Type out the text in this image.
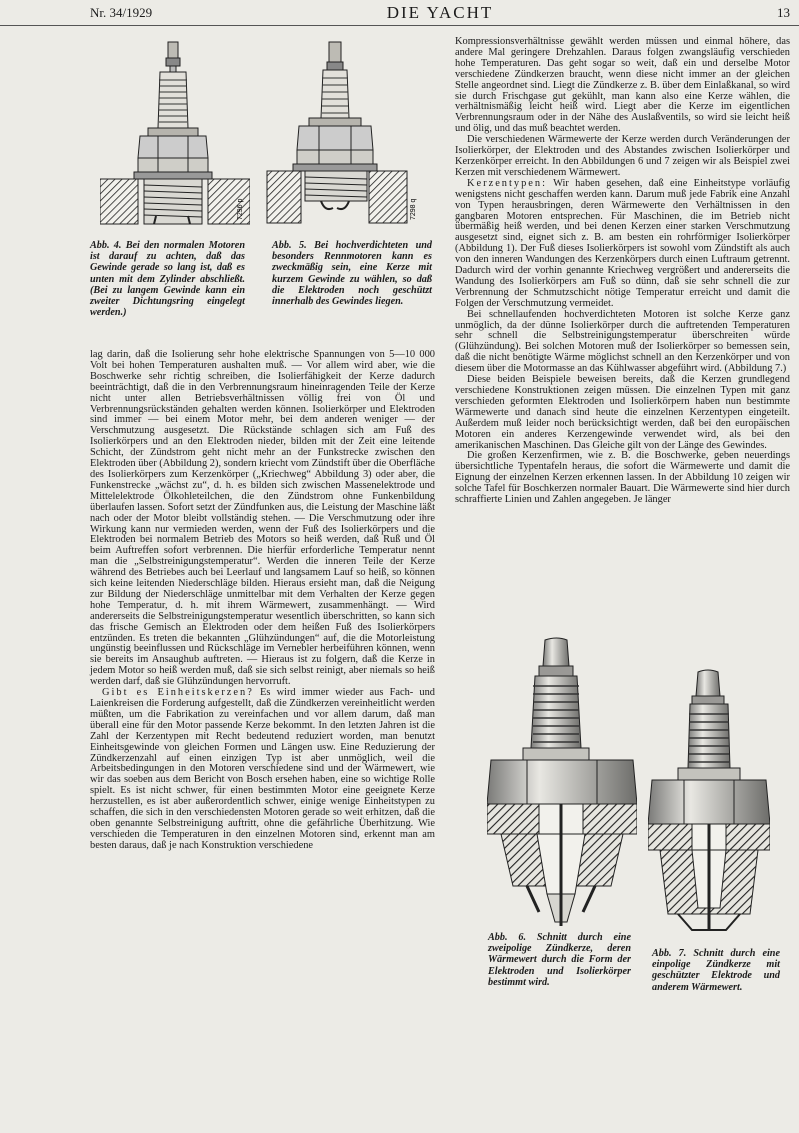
Nr. 34/1929	DIE YACHT	13
7296 p	7298 q
Abb. 4. Bei den normalen Motoren ist darauf zu achten, daß das Gewinde gerade so lang ist, daß es unten mit dem Zylinder abschließt. (Bei zu langem Gewinde kann ein zweiter Dichtungsring eingelegt werden.)
Abb. 5. Bei hochverdichteten und besonders Rennmotoren kann es zweckmäßig sein, eine Kerze mit kurzem Gewinde zu wählen, so daß die Elektroden noch geschützt innerhalb des Gewindes liegen.

lag darin, daß die Isolierung sehr hohe elektrische Spannungen von 5—10 000 Volt bei hohen Temperaturen aushalten muß. — Vor allem wird aber, wie die Boschwerke sehr richtig schreiben, die Isolierfähigkeit der Kerze dadurch beeinträchtigt, daß die in den Verbrennungsraum hineinragenden Teile der Kerze nicht unter allen Betriebsverhältnissen völlig frei von Öl und Verbrennungsrückständen gehalten werden können. Isolierkörper und Elektroden sind immer — bei einem Motor mehr, bei dem anderen weniger — der Verschmutzung ausgesetzt. Die Rückstände schlagen sich am Fuß des Isolierkörpers und an den Elektroden nieder, bilden mit der Zeit eine leitende Schicht, der Zündstrom geht nicht mehr an der Funkstrecke zwischen den Elektroden über (Abbildung 2), sondern kriecht vom Zündstift über die Oberfläche des Isolierkörpers zum Kerzenkörper („Kriechweg“ Abbildung 3) oder aber, die Funkenstrecke „wächst zu“, d. h. es bilden sich zwischen Massenelektrode und Mittelelektrode Ölkohleteilchen, die den Zündstrom ohne Funkenbildung überlaufen lassen. Sofort setzt der Zündfunken aus, die Leistung der Maschine läßt nach oder der Motor bleibt vollständig stehen. — Die Verschmutzung oder ihre Wirkung kann nur vermieden werden, wenn der Fuß des Isolierkörpers und die Elektroden bei normalem Betrieb des Motors so heiß werden, daß Ruß und Öl beim Auftreffen sofort verbrennen. Die hierfür erforderliche Temperatur nennt man die „Selbstreinigungstemperatur“. Werden die inneren Teile der Kerze während des Betriebes auch bei Leerlauf und langsamem Lauf so heiß, so können sich keine leitenden Niederschläge bilden. Hieraus ersieht man, daß die Neigung zur Bildung der Niederschläge unmittelbar mit dem Verhalten der Kerze gegen hohe Temperatur, d. h. mit ihrem Wärmewert, zusammenhängt. — Wird andererseits die Selbstreinigungstemperatur wesentlich überschritten, so kann sich das frische Gemisch an Elektroden oder dem heißen Fuß des Isolierkörpers entzünden. Es treten die bekannten „Glühzündungen“ auf, die die Motorleistung ungünstig beeinflussen und Rückschläge im Vernebler herbeiführen können, wenn sie bereits im Ansaughub auftreten. — Hieraus ist zu folgern, daß die Kerze in jedem Motor so heiß werden muß, daß sie sich selbst reinigt, aber niemals so heiß werden darf, daß sie Glühzündungen hervorruft.

Gibt es Einheitskerzen? Es wird immer wieder aus Fach- und Laienkreisen die Forderung aufgestellt, daß die Zündkerzen vereinheitlicht werden müßten, um die Fabrikation zu vereinfachen und vor allem darum, daß man überall eine für den Motor passende Kerze bekommt. In den letzten Jahren ist die Zahl der Kerzentypen mit Recht bedeutend reduziert worden, man benutzt Einheitsgewinde von gleichen Formen und Längen usw. Eine Reduzierung der Zündkerzenzahl auf einen einzigen Typ ist aber unmöglich, weil die Arbeitsbedingungen in den Motoren verschiedene sind und der Wärmewert, wie wir das soeben aus dem Bericht von Bosch ersehen haben, eine so wichtige Rolle spielt. Es ist nicht schwer, für einen bestimmten Motor eine geeignete Kerze herzustellen, es ist aber außerordentlich schwer, einige wenige Einheitstypen zu schaffen, die sich in den verschiedensten Motoren gerade so weit erhitzen, daß die oben genannte Selbstreinigung auftritt, ohne die gefährliche Überhitzung. Wie verschieden die Temperaturen in den einzelnen Motoren sind, erkennt man am besten daraus, daß je nach Konstruktion verschiedene

Kompressionsverhältnisse gewählt werden müssen und einmal höhere, das andere Mal geringere Drehzahlen. Daraus folgen zwangsläufig verschieden hohe Temperaturen. Das geht sogar so weit, daß ein und derselbe Motor verschiedene Zündkerzen braucht, wenn diese nicht immer an der gleichen Stelle angeordnet sind. Liegt die Zündkerze z. B. über dem Einlaßkanal, so wird sie durch Frischgase gut gekühlt, man kann also eine Kerze wählen, die verhältnismäßig leicht heiß wird. Liegt aber die Kerze im eigentlichen Verbrennungsraum oder in der Nähe des Auslaßventils, so wird sie leicht heiß und ölig, und das muß beachtet werden.

Die verschiedenen Wärmewerte der Kerze werden durch Veränderungen der Isolierkörper, der Elektroden und des Abstandes zwischen Isolierkörper und Kerzenkörper erreicht. In den Abbildungen 6 und 7 zeigen wir als Beispiel zwei Kerzen mit verschiedenem Wärmewert.

Kerzentypen: Wir haben gesehen, daß eine Einheitstype vorläufig wenigstens nicht geschaffen werden kann. Darum muß jede Fabrik eine Anzahl von Typen herausbringen, deren Wärmewerte den Verhältnissen in den gangbaren Motoren entsprechen. Für Maschinen, die im Betrieb nicht übermäßig heiß werden, und bei denen Kerzen einer starken Verschmutzung ausgesetzt sind, eignet sich z. B. am besten ein rohrförmiger Isolierkörper (Abbildung 1). Der Fuß dieses Isolierkörpers ist sowohl vom Zündstift als auch von den inneren Wandungen des Kerzenkörpers durch einen Luftraum getrennt. Dadurch wird der vorhin genannte Kriechweg vergrößert und andererseits die Wandung des Isolierkörpers am Fuß so dünn, daß sie sehr schnell die zur Verbrennung der Schmutzschicht nötige Temperatur erreicht und damit die Folgen der Verschmutzung vermeidet.

Bei schnellaufenden hochverdichteten Motoren ist solche Kerze ganz unmöglich, da der dünne Isolierkörper durch die auftretenden Temperaturen sehr schnell die Selbstreinigungstemperatur überschreiten würde (Glühzündung). Bei solchen Motoren muß der Isolierkörper so bemessen sein, daß die nicht benötigte Wärme möglichst schnell an den Kerzenkörper und von diesem über die Motormasse an das Kühlwasser abgeführt wird. (Abbildung 7.)

Diese beiden Beispiele beweisen bereits, daß die Kerzen grundlegend verschiedene Konstruktionen zeigen müssen. Die einzelnen Typen mit ganz verschieden geformten Elektroden und Isolierkörpern haben nun bestimmte Wärmewerte und danach sind heute die einzelnen Kerzentypen eingeteilt. Außerdem muß leider noch berücksichtigt werden, daß bei den europäischen Motoren ein anderes Kerzengewinde verwendet wird, als bei den amerikanischen Maschinen. Das Gleiche gilt von der Länge des Gewindes.

Die großen Kerzenfirmen, wie z. B. die Boschwerke, geben neuerdings übersichtliche Typentafeln heraus, die sofort die Wärmewerte und damit die Eignung der einzelnen Kerzen erkennen lassen. In der Abbildung 10 zeigen wir solche Tafel für Boschkerzen normaler Bauart. Die Wärmewerte sind hier durch schraffierte Linien und Zahlen angegeben. Je länger

Abb. 6. Schnitt durch eine zweipolige Zündkerze, deren Wärmewert durch die Form der Elektroden und Isolierkörper bestimmt wird.
Abb. 7. Schnitt durch eine einpolige Zündkerze mit geschützter Elektrode und anderem Wärmewert.
